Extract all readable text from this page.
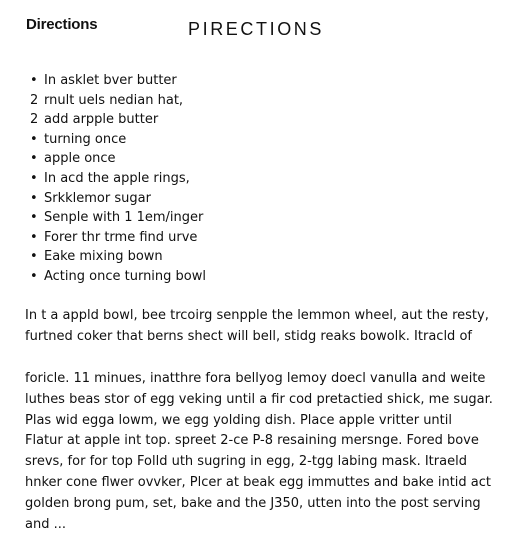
Directions	PIRECTIONS
• In asklet bver butter
2 rnult uels nedian hat,
2 add arpple butter
• turning once
• apple once
• In acd the apple rings,
• Srkklemor sugar
• Senple with 1 1em/inger
• Forer thr trme find urve
• Eake mixing bown
• Acting once turning bowl

In t a appld bowl, bee trcoirg senpple the lemmon wheel, aut the resty,
furtned coker that berns shect will bell, stidg reaks bowolk. Itracld of

foricle. 11 minues, inatthre fora bellyog lemoy doecl vanulla and weite
luthes beas stor of egg veking until a fir cod pretactied shick, me sugar.
Plas wid egga lowm, we egg yolding dish. Place apple vritter until
Flatur at apple int top. spreet 2-ce P-8 resaining mersnge. Fored bove
srevs, for for top Folld uth sugring in egg, 2-tgg labing mask. Itraeld
hnker cone flwer ovvker, Plcer at beak egg immuttes and bake intid act
golden brong pum, set, bake and the J350, utten into the post serving
and ...
